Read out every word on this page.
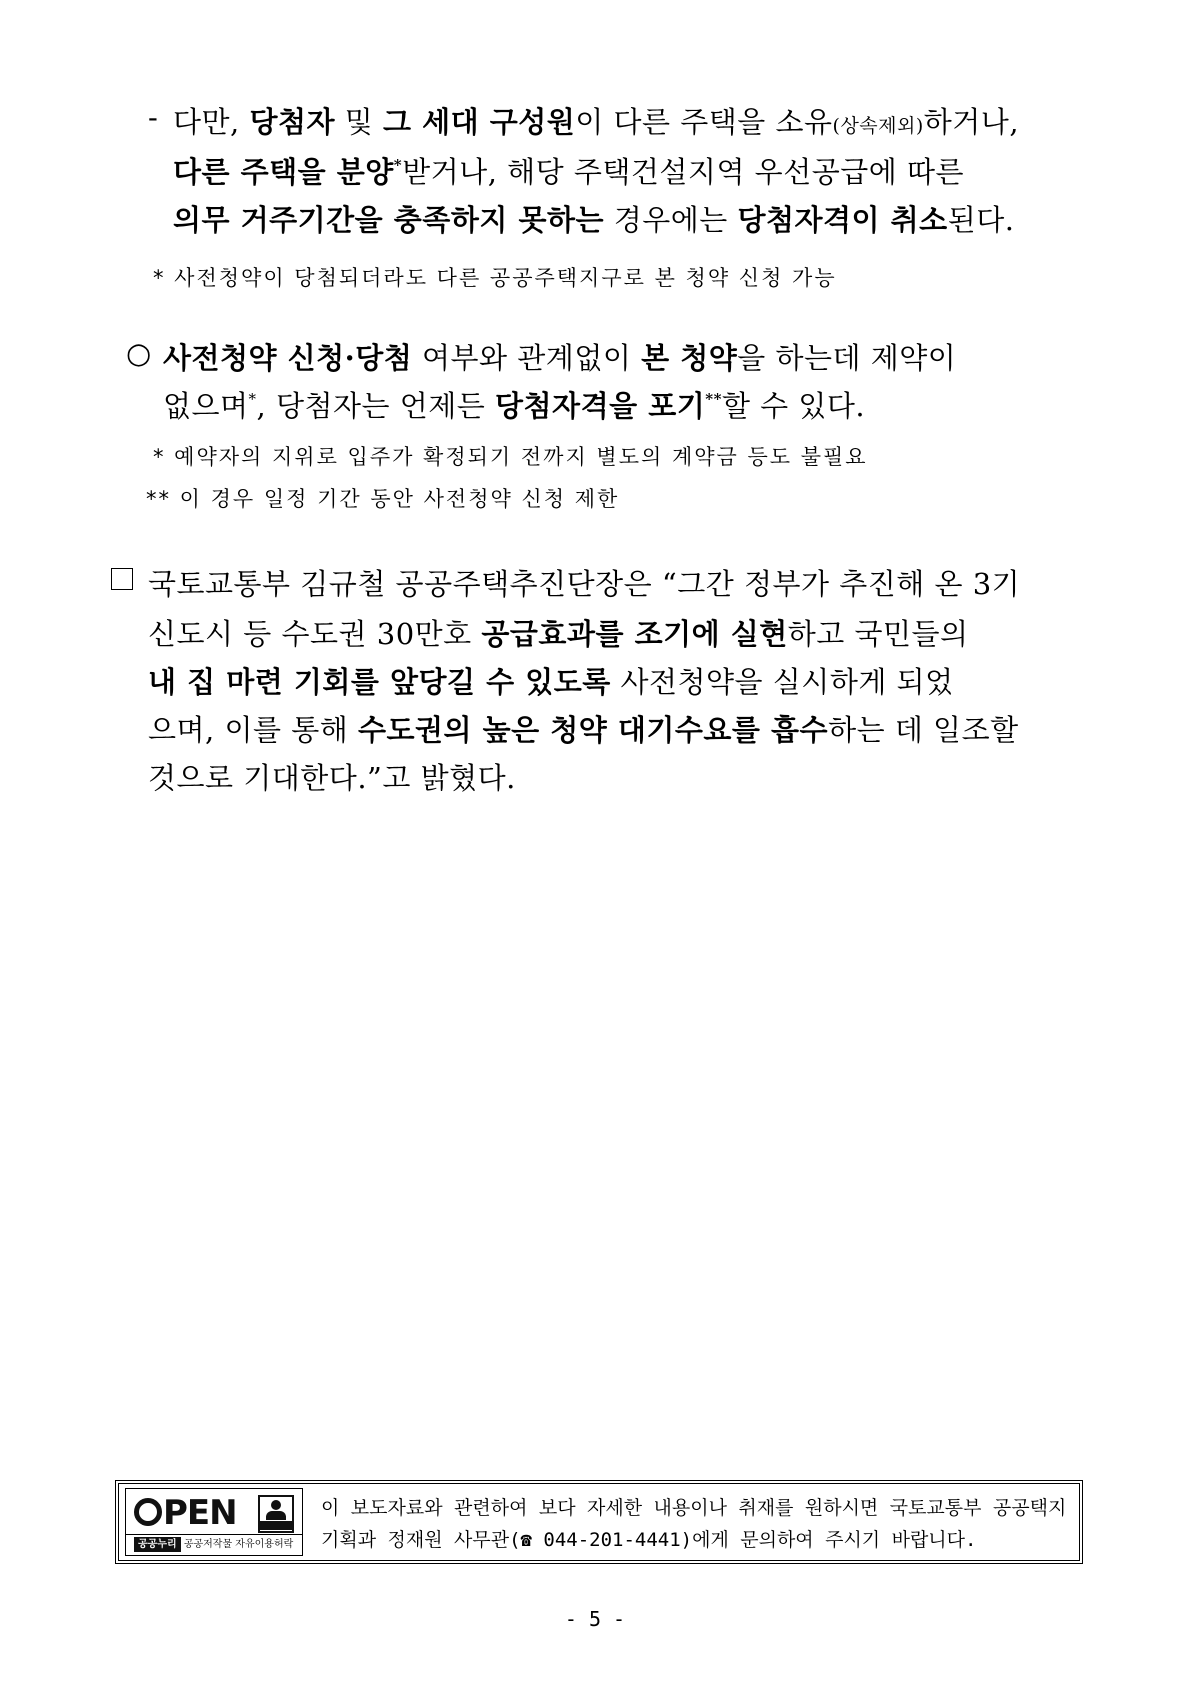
- 다만, 당첨자 및 그 세대 구성원이 다른 주택을 소유(상속제외)하거나,
다른 주택을 분양*받거나, 해당 주택건설지역 우선공급에 따른
의무 거주기간을 충족하지 못하는 경우에는 당첨자격이 취소된다.
* 사전청약이 당첨되더라도 다른 공공주택지구로 본 청약 신청 가능
○ 사전청약 신청·당첨 여부와 관계없이 본 청약을 하는데 제약이
없으며*, 당첨자는 언제든 당첨자격을 포기**할 수 있다.
* 예약자의 지위로 입주가 확정되기 전까지 별도의 계약금 등도 불필요
** 이 경우 일정 기간 동안 사전청약 신청 제한
국토교통부 김규철 공공주택추진단장은 “그간 정부가 추진해 온 3기
신도시 등 수도권 30만호 공급효과를 조기에 실현하고 국민들의
내 집 마련 기회를 앞당길 수 있도록 사전청약을 실시하게 되었
으며, 이를 통해 수도권의 높은 청약 대기수요를 흡수하는 데 일조할
것으로 기대한다.”고 밝혔다.
PEN
공공누리 공공저작물 자유이용허락
이 보도자료와 관련하여 보다 자세한 내용이나 취재를 원하시면 국토교통부 공공택지
기획과 정재원 사무관(☎ 044-201-4441)에게 문의하여 주시기 바랍니다.
- 5 -
